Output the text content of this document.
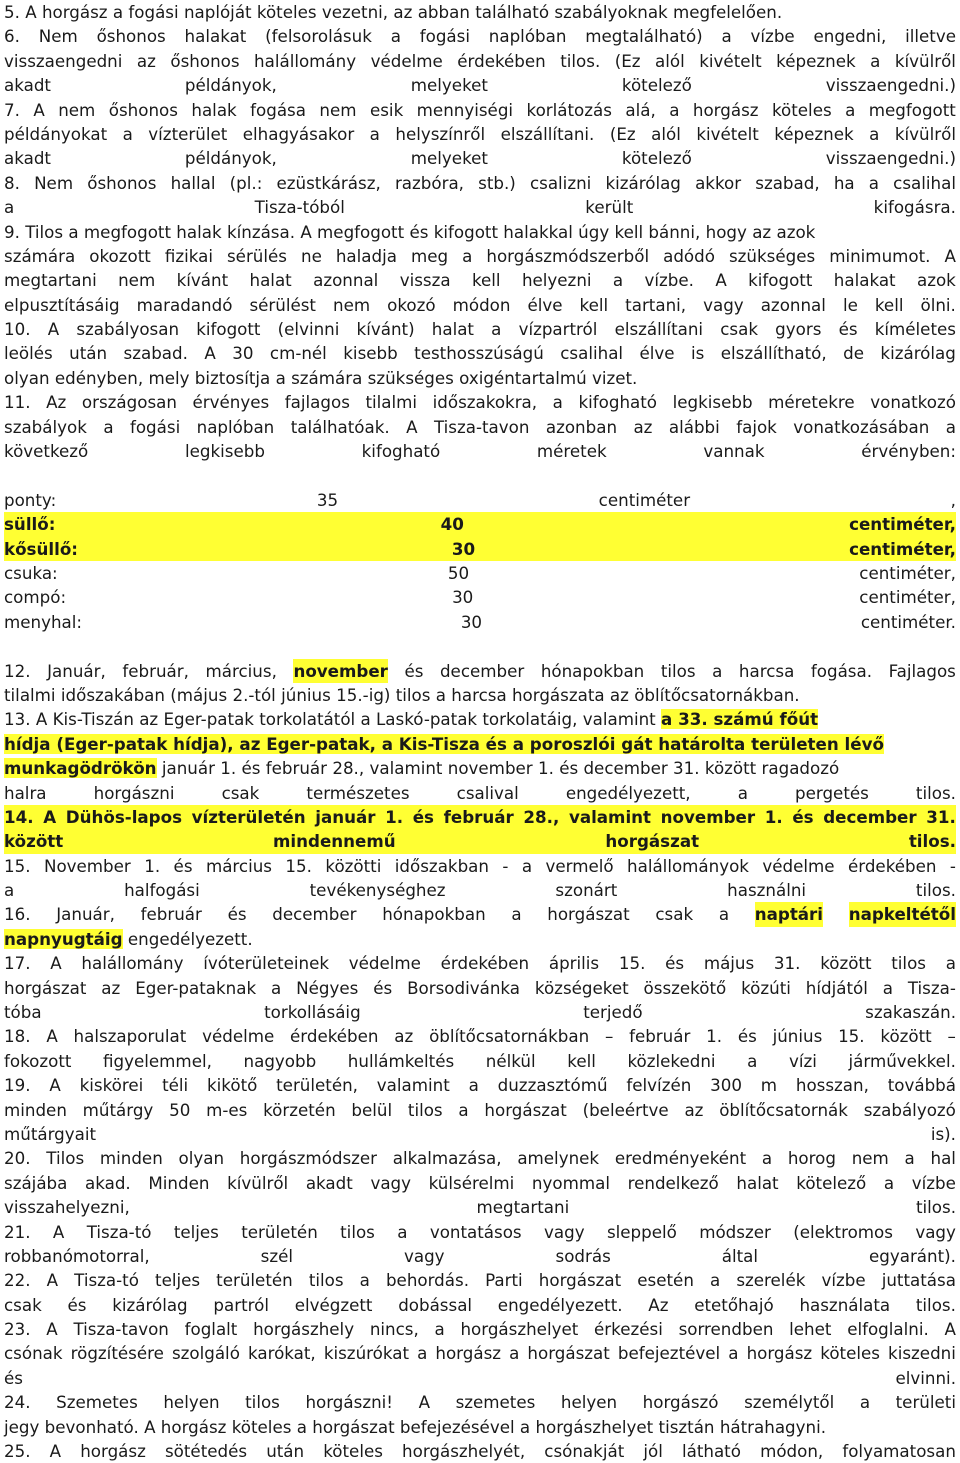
5. A horgász a fogási naplóját köteles vezetni, az abban található szabályoknak megfelelően.
6. Nem őshonos halakat (felsorolásuk a fogási naplóban megtalálható) a vízbe engedni, illetve
visszaengedni az őshonos halállomány védelme érdekében tilos. (Ez alól kivételt képeznek a kívülről
akadt	példányok,	melyeket	kötelező	visszaengedni.)
7. A nem őshonos halak fogása nem esik mennyiségi korlátozás alá, a horgász köteles a megfogott
példányokat a vízterület elhagyásakor a helyszínről elszállítani. (Ez alól kivételt képeznek a kívülről
akadt	példányok,	melyeket	kötelező	visszaengedni.)
8. Nem őshonos hallal (pl.: ezüstkárász, razbóra, stb.) csalizni kizárólag akkor szabad, ha a csalihal
a	Tisza-tóból	került	kifogásra.
9. Tilos a megfogott halak kínzása. A megfogott és kifogott halakkal úgy kell bánni, hogy az azok
számára okozott fizikai sérülés ne haladja meg a horgászmódszerből adódó szükséges minimumot. A
megtartani nem kívánt halat azonnal vissza kell helyezni a vízbe. A kifogott halakat azok
elpusztításáig maradandó sérülést nem okozó módon élve kell tartani, vagy azonnal le kell ölni.
10. A szabályosan kifogott (elvinni kívánt) halat a vízpartról elszállítani csak gyors és kíméletes
leölés után szabad. A 30 cm-nél kisebb testhosszúságú csalihal élve is elszállítható, de kizárólag
olyan edényben, mely biztosítja a számára szükséges oxigéntartalmú vizet.
11. Az országosan érvényes fajlagos tilalmi időszakokra, a kifogható legkisebb méretekre vonatkozó
szabályok a fogási naplóban találhatóak. A Tisza-tavon azonban az alábbi fajok vonatkozásában a
következő	legkisebb	kifogható	méretek	vannak	érvényben:
ponty:	35	centiméter	,
süllő:	40	centiméter,
kősüllő:	30	centiméter,
csuka:	50	centiméter,
compó:	30	centiméter,
menyhal:	30	centiméter.
12. Január, február, március, november és december hónapokban tilos a harcsa fogása. Fajlagos
tilalmi időszakában (május 2.-tól június 15.-ig) tilos a harcsa horgászata az öblítőcsatornákban.
13. A Kis-Tiszán az Eger-patak torkolatától a Laskó-patak torkolatáig, valamint a 33. számú főút
hídja (Eger-patak hídja), az Eger-patak, a Kis-Tisza és a poroszlói gát határolta területen lévő
munkagödrökön január 1. és február 28., valamint november 1. és december 31. között ragadozó
halra	horgászni	csak	természetes	csalival	engedélyezett,	a	pergetés	tilos.
14. A Dühös-lapos vízterületén január 1. és február 28., valamint november 1. és december 31.
között	mindennemű	horgászat	tilos.
15. November 1. és március 15. közötti időszakban - a vermelő halállományok védelme érdekében -
a	halfogási	tevékenységhez	szonárt	használni	tilos.
16. Január, február és december hónapokban a horgászat csak a naptári napkeltétől
napnyugtáig engedélyezett.
17. A halállomány ívóterületeinek védelme érdekében április 15. és május 31. között tilos a
horgászat az Eger-pataknak a Négyes és Borsodivánka községeket összekötő közúti hídjától a Tisza-
tóba	torkollásáig	terjedő	szakaszán.
18. A halszaporulat védelme érdekében az öblítőcsatornákban – február 1. és június 15. között –
fokozott figyelemmel, nagyobb hullámkeltés nélkül kell közlekedni a vízi járművekkel.
19. A kiskörei téli kikötő területén, valamint a duzzasztómű felvízén 300 m hosszan, továbbá
minden műtárgy 50 m-es körzetén belül tilos a horgászat (beleértve az öblítőcsatornák szabályozó
műtárgyait	is).
20. Tilos minden olyan horgászmódszer alkalmazása, amelynek eredményeként a horog nem a hal
szájába akad. Minden kívülről akadt vagy külsérelmi nyommal rendelkező halat kötelező a vízbe
visszahelyezni,	megtartani	tilos.
21. A Tisza-tó teljes területén tilos a vontatásos vagy sleppelő módszer (elektromos vagy
robbanómotorral,	szél	vagy	sodrás	által	egyaránt).
22. A Tisza-tó teljes területén tilos a behordás. Parti horgászat esetén a szerelék vízbe juttatása
csak és kizárólag partról elvégzett dobással engedélyezett. Az etetőhajó használata tilos.
23. A Tisza-tavon foglalt horgászhely nincs, a horgászhelyet érkezési sorrendben lehet elfoglalni. A
csónak rögzítésére szolgáló karókat, kiszúrókat a horgász a horgászat befejeztével a horgász köteles kiszedni
és	elvinni.
24. Szemetes helyen tilos horgászni! A szemetes helyen horgászó személytől a területi
jegy bevonható. A horgász köteles a horgászat befejezésével a horgászhelyet tisztán hátrahagyni.
25. A horgász sötétedés után köteles horgászhelyét, csónakját jól látható módon, folyamatosan
